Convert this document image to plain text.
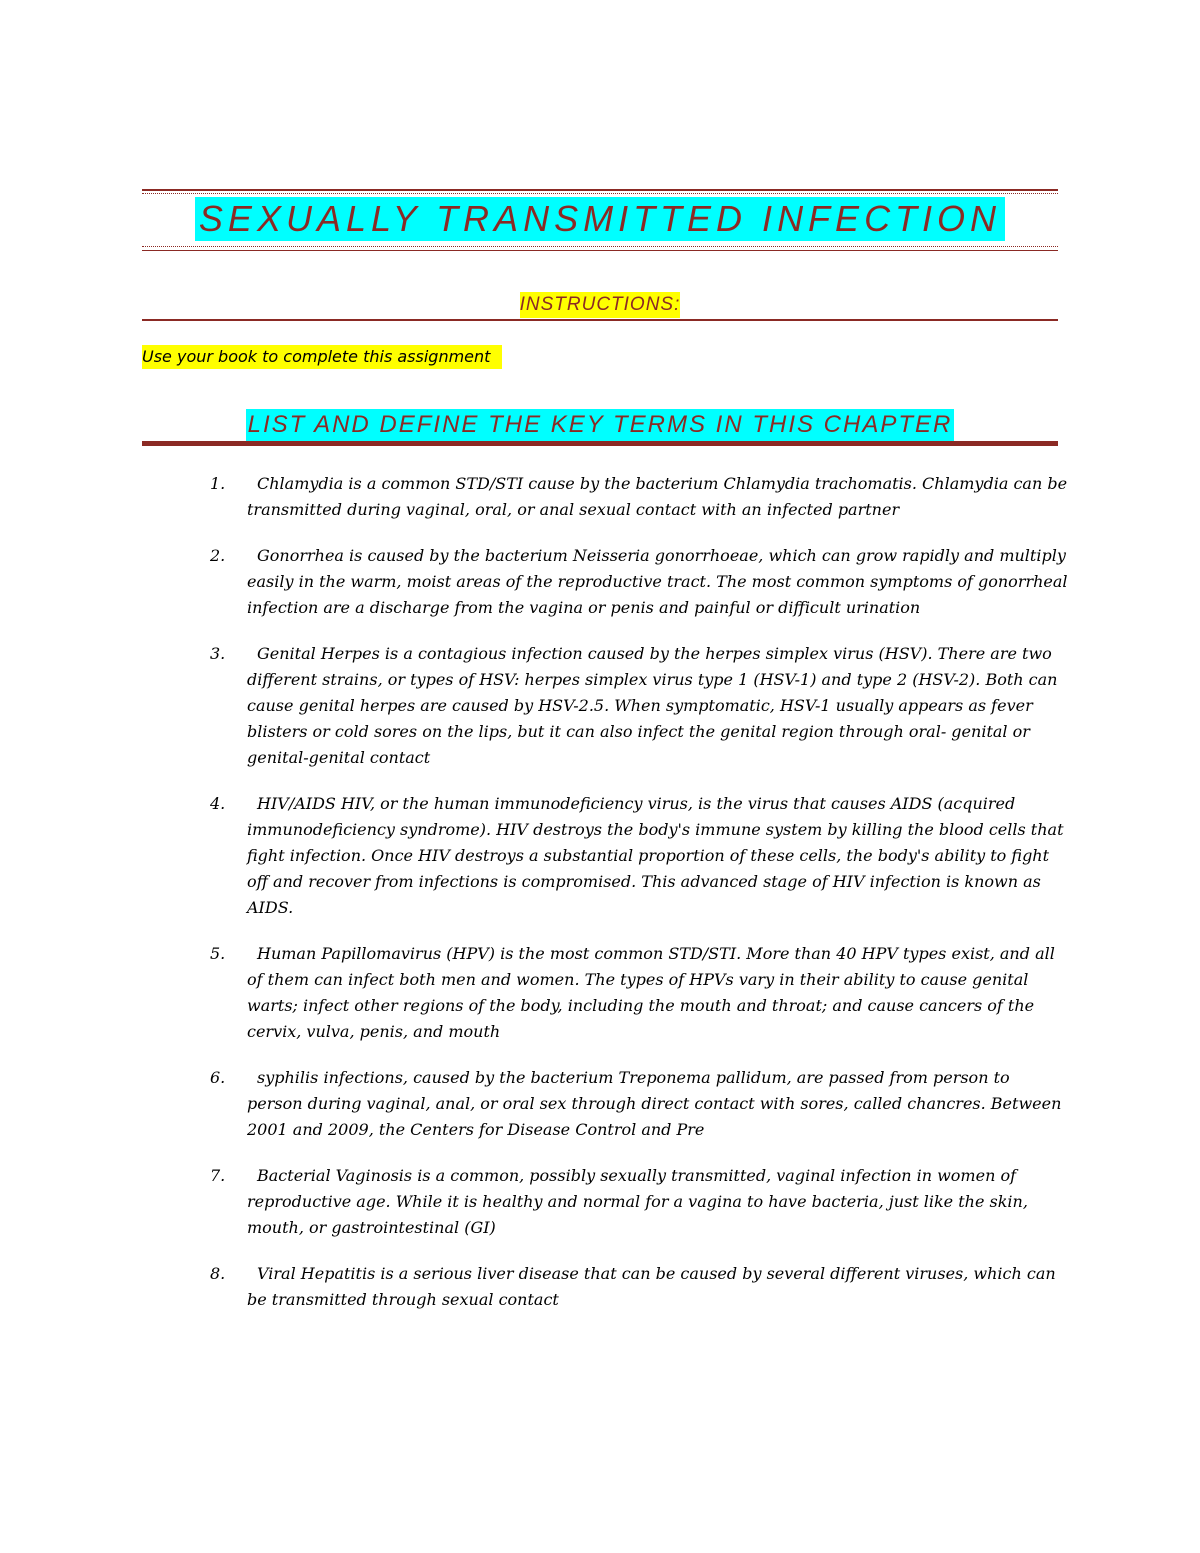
SEXUALLY TRANSMITTED INFECTION
INSTRUCTIONS:
Use your book to complete this assignment
LIST AND DEFINE THE KEY TERMS IN THIS CHAPTER
1.	Chlamydia is a common STD/STI cause by the bacterium Chlamydia trachomatis. Chlamydia can be transmitted during vaginal, oral, or anal sexual contact with an infected partner
2.	Gonorrhea is caused by the bacterium Neisseria gonorrhoeae, which can grow rapidly and multiply easily in the warm, moist areas of the reproductive tract. The most common symptoms of gonorrheal infection are a discharge from the vagina or penis and painful or difficult urination
3.	Genital Herpes is a contagious infection caused by the herpes simplex virus (HSV). There are two different strains, or types of HSV: herpes simplex virus type 1 (HSV-1) and type 2 (HSV-2). Both can cause genital herpes are caused by HSV-2.5. When symptomatic, HSV-1 usually appears as fever blisters or cold sores on the lips, but it can also infect the genital region through oral- genital or genital-genital contact
4.	HIV/AIDS HIV, or the human immunodeficiency virus, is the virus that causes AIDS (acquired immunodeficiency syndrome). HIV destroys the body's immune system by killing the blood cells that fight infection. Once HIV destroys a substantial proportion of these cells, the body's ability to fight off and recover from infections is compromised. This advanced stage of HIV infection is known as AIDS.
5.	Human Papillomavirus (HPV) is the most common STD/STI. More than 40 HPV types exist, and all of them can infect both men and women. The types of HPVs vary in their ability to cause genital warts; infect other regions of the body, including the mouth and throat; and cause cancers of the cervix, vulva, penis, and mouth
6.	syphilis infections, caused by the bacterium Treponema pallidum, are passed from person to person during vaginal, anal, or oral sex through direct contact with sores, called chancres. Between 2001 and 2009, the Centers for Disease Control and Pre
7.	Bacterial Vaginosis is a common, possibly sexually transmitted, vaginal infection in women of reproductive age. While it is healthy and normal for a vagina to have bacteria, just like the skin, mouth, or gastrointestinal (GI)
8.	Viral Hepatitis is a serious liver disease that can be caused by several different viruses, which can be transmitted through sexual contact
